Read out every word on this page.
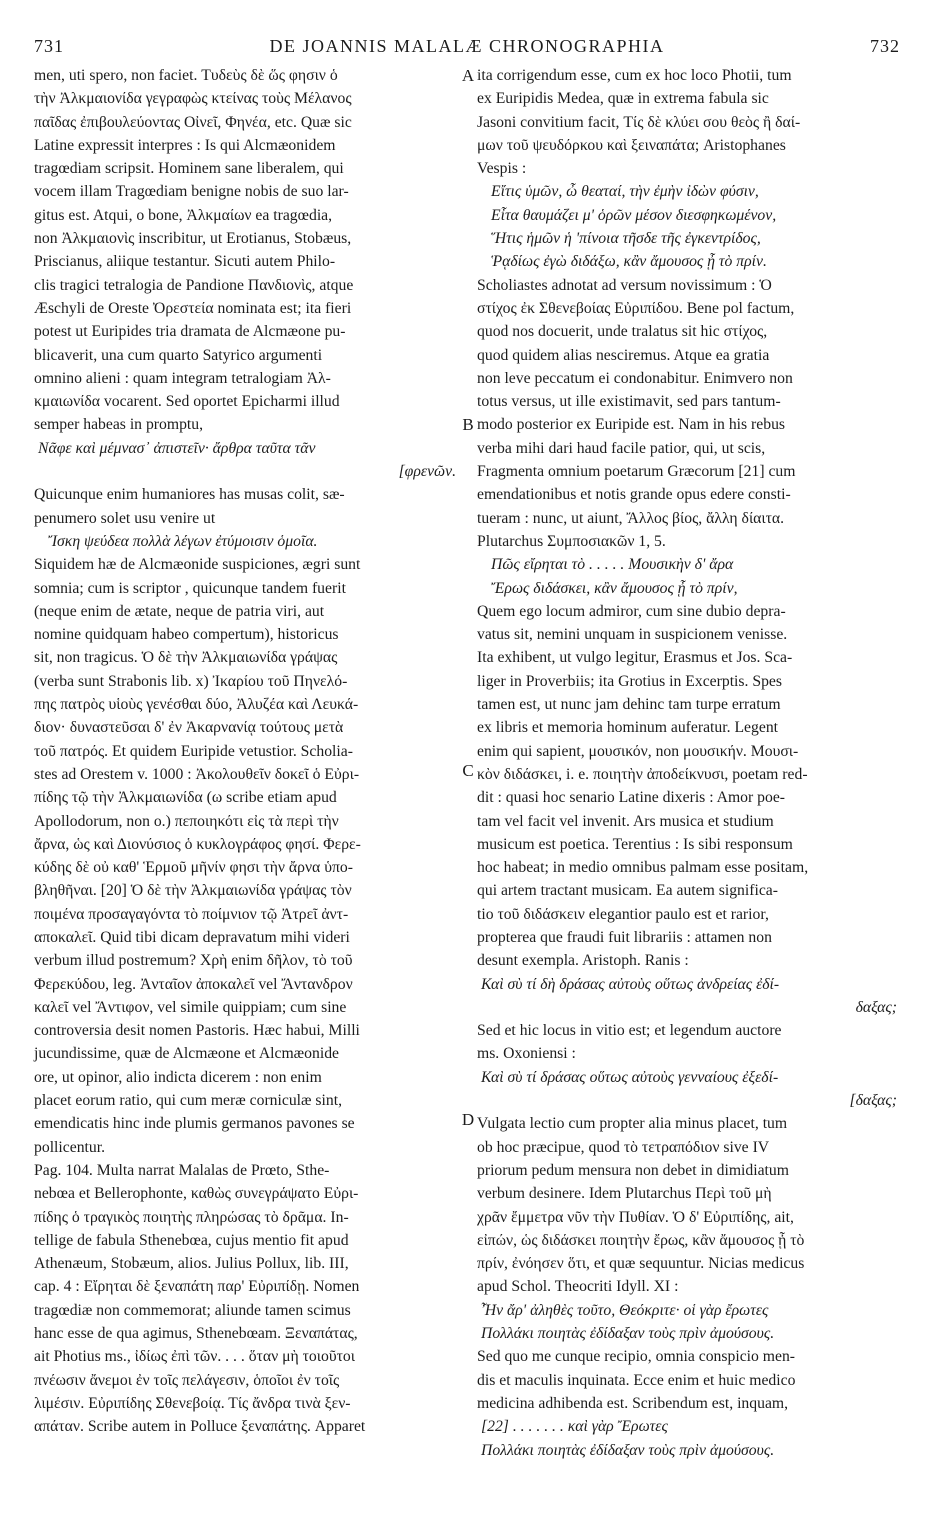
731	DE JOANNIS MALALÆ CHRONOGRAPHIA	732
A
B
C
D

men, uti spero, non faciet. Τυδεὺς δὲ ὥς φησιν ὁ

τὴν Ἀλκμαιονίδα γεγραφὼς κτείνας τοὺς Μέλανος

παῖδας ἐπιβουλεύοντας Οἰνεῖ, Φηνέα, etc. Quæ sic

Latine expressit interpres : Is qui Alcmæonidem

tragœdiam scripsit. Hominem sane liberalem, qui

vocem illam Tragœdiam benigne nobis de suo lar-

gitus est. Atqui, o bone, Ἀλκμαίων ea tragœdia,

non Ἀλκμαιονὶς inscribitur, ut Erotianus, Stobæus,

Priscianus, aliique testantur. Sicuti autem Philo-

clis tragici tetralogia de Pandione Πανδιονὶς, atque

Æschyli de Oreste Ὀρεστεία nominata est; ita fieri

potest ut Euripides tria dramata de Alcmæone pu-

blicaverit, una cum quarto Satyrico argumenti

omnino alieni : quam integram tetralogiam Ἀλ-

κμαιωνίδα vocarent. Sed oportet Epicharmi illud

semper habeas in promptu,

Νᾶφε καὶ μέμνασ᾽ ἀπιστεῖν· ἄρθρα ταῦτα τᾶν

[φρενῶν.

Quicunque enim humaniores has musas colit, sæ-

penumero solet usu venire ut

Ἴσκη ψεύδεα πολλὰ λέγων ἐτύμοισιν ὁμοῖα.

Siquidem hæ de Alcmæonide suspiciones, ægri sunt

somnia; cum is scriptor , quicunque tandem fuerit

(neque enim de ætate, neque de patria viri, aut

nomine quidquam habeo compertum), historicus

sit, non tragicus. Ὁ δὲ τὴν Ἀλκμαιωνίδα γράψας

(verba sunt Strabonis lib. x) Ἰκαρίου τοῦ Πηνελό-

πης πατρὸς υἱοὺς γενέσθαι δύο, Ἀλυζέα καὶ Λευκά-

διον· δυναστεῦσαι δ' ἐν Ἀκαρνανίᾳ τούτους μετὰ

τοῦ πατρός. Et quidem Euripide vetustior. Scholia-

stes ad Orestem v. 1000 : Ἀκολουθεῖν δοκεῖ ὁ Εὐρι-

πίδης τῷ τὴν Ἀλκμαιωνίδα (ω scribe etiam apud

Apollodorum, non ο.) πεποιηκότι εἰς τὰ περὶ τὴν

ἄρνα, ὡς καὶ Διονύσιος ὁ κυκλογράφος φησί. Φερε-

κύδης δὲ οὐ καθ' Ἑρμοῦ μῆνίν φησι τὴν ἄρνα ὑπο-

βληθῆναι. [20] Ὁ δὲ τὴν Ἀλκμαιωνίδα γράψας τὸν

ποιμένα προσαγαγόντα τὸ ποίμνιον τῷ Ἀτρεῖ ἀντ-

αποκαλεῖ. Quid tibi dicam depravatum mihi videri

verbum illud postremum? Χρὴ enim δῆλον, τὸ τοῦ

Φερεκύδου, leg. Ἀνταῖον ἀποκαλεῖ vel Ἄντανδρον

καλεῖ vel Ἄντιφον, vel simile quippiam; cum sine

controversia desit nomen Pastoris. Hæc habui, Milli

jucundissime, quæ de Alcmæone et Alcmæonide

ore, ut opinor, alio indicta dicerem : non enim

placet eorum ratio, qui cum meræ corniculæ sint,

emendicatis hinc inde plumis germanos pavones se

pollicentur.

Pag. 104. Multa narrat Malalas de Prœto, Sthe-

nebœa et Bellerophonte, καθὼς συνεγράψατο Εὐρι-

πίδης ὁ τραγικὸς ποιητὴς πληρώσας τὸ δρᾶμα. In-

tellige de fabula Sthenebœa, cujus mentio fit apud

Athenæum, Stobæum, alios. Julius Pollux, lib. III,

cap. 4 : Εἴρηται δὲ ξεναπάτη παρ' Εὐριπίδῃ. Nomen

tragœdiæ non commemorat; aliunde tamen scimus

hanc esse de qua agimus, Sthenebœam. Ξεναπάτας,

ait Photius ms., ἰδίως ἐπὶ τῶν. . . . ὅταν μὴ τοιοῦτοι

πνέωσιν ἄνεμοι ἐν τοῖς πελάγεσιν, ὁποῖοι ἐν τοῖς

λιμέσιν. Εὐριπίδης Σθενεβοίᾳ. Τίς ἄνδρα τινὰ ξεν-

απάταν. Scribe autem in Polluce ξεναπάτης. Apparet

ita corrigendum esse, cum ex hoc loco Photii, tum

ex Euripidis Medea, quæ in extrema fabula sic

Jasoni convitium facit, Τίς δὲ κλύει σου θεὸς ἢ δαί-

μων τοῦ ψευδόρκου καὶ ξειναπάτα; Aristophanes

Vespis :

Εἴτις ὑμῶν, ὦ θεαταί, τὴν ἐμὴν ἰδὼν φύσιν,

Εἶτα θαυμάζει μ' ὁρῶν μέσον διεσφηκωμένον,

Ἥτις ἡμῶν ἡ 'πίνοια τῆσδε τῆς ἐγκεντρίδος,

Ῥᾳδίως ἐγὼ διδάξω, κἂν ἄμουσος ᾖ τὸ πρίν.

Scholiastes adnotat ad versum novissimum : Ὁ

στίχος ἐκ Σθενεβοίας Εὐριπίδου. Bene pol factum,

quod nos docuerit, unde tralatus sit hic στίχος,

quod quidem alias nesciremus. Atque ea gratia

non leve peccatum ei condonabitur. Enimvero non

totus versus, ut ille existimavit, sed pars tantum-

modo posterior ex Euripide est. Nam in his rebus

verba mihi dari haud facile patior, qui, ut scis,

Fragmenta omnium poetarum Græcorum [21] cum

emendationibus et notis grande opus edere consti-

tueram : nunc, ut aiunt, Ἄλλος βίος, ἄλλη δίαιτα.

Plutarchus Συμποσιακῶν 1, 5.

Πῶς εἴρηται τὸ . . . . . Μουσικὴν δ' ἄρα

Ἔρως διδάσκει, κἂν ἄμουσος ᾖ τὸ πρίν,

Quem ego locum admiror, cum sine dubio depra-

vatus sit, nemini unquam in suspicionem venisse.

Ita exhibent, ut vulgo legitur, Erasmus et Jos. Sca-

liger in Proverbiis; ita Grotius in Excerptis. Spes

tamen est, ut nunc jam dehinc tam turpe erratum

ex libris et memoria hominum auferatur. Legent

enim qui sapient, μουσικόν, non μουσικήν. Μουσι-

κὸν διδάσκει, i. e. ποιητὴν ἀποδείκνυσι, poetam red-

dit : quasi hoc senario Latine dixeris : Amor poe-

tam vel facit vel invenit. Ars musica et studium

musicum est poetica. Terentius : Is sibi responsum

hoc habeat; in medio omnibus palmam esse positam,

qui artem tractant musicam. Ea autem significa-

tio τοῦ διδάσκειν elegantior paulo est et rarior,

propterea que fraudi fuit librariis : attamen non

desunt exempla. Aristoph. Ranis :

Καὶ σὺ τί δὴ δράσας αὐτοὺς οὕτως ἀνδρείας ἐδί-

δαξας;

Sed et hic locus in vitio est; et legendum auctore

ms. Oxoniensi :

Καὶ σὺ τί δράσας οὕτως αὐτοὺς γενναίους ἐξεδί-

[δαξας;

Vulgata lectio cum propter alia minus placet, tum

ob hoc præcipue, quod τὸ τετραπόδιον sive IV

priorum pedum mensura non debet in dimidiatum

verbum desinere. Idem Plutarchus Περὶ τοῦ μὴ

χρᾶν ἔμμετρα νῦν τὴν Πυθίαν. Ὁ δ' Εὐριπίδης, ait,

εἰπών, ὡς διδάσκει ποιητὴν ἔρως, κἂν ἄμουσος ᾖ τὸ

πρίν, ἐνόησεν ὅτι, et quæ sequuntur. Nicias medicus

apud Schol. Theocriti Idyll. XI :

Ἦν ἄρ' ἀληθὲς τοῦτο, Θεόκριτε· οἱ γὰρ ἔρωτες

Πολλάκι ποιητὰς ἐδίδαξαν τοὺς πρὶν ἀμούσους.

Sed quo me cunque recipio, omnia conspicio men-

dis et maculis inquinata. Ecce enim et huic medico

medicina adhibenda est. Scribendum est, inquam,

[22] . . . . . . . καὶ γὰρ Ἔρωτες

Πολλάκι ποιητὰς ἐδίδαξαν τοὺς πρὶν ἀμούσους.
